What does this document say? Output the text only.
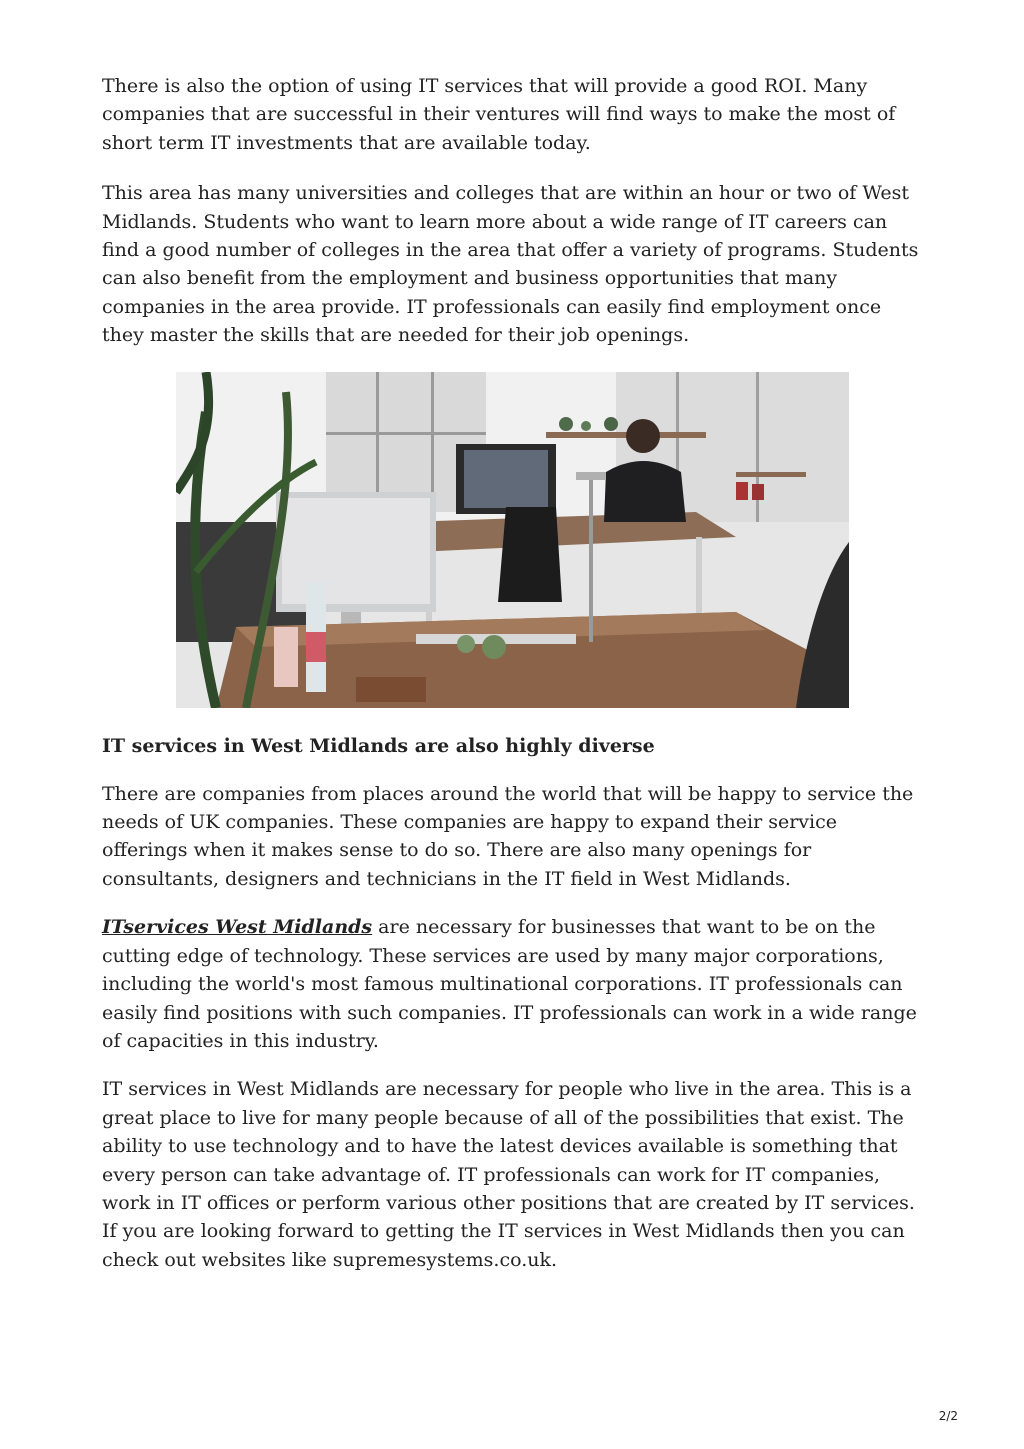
There is also the option of using IT services that will provide a good ROI. Many companies that are successful in their ventures will find ways to make the most of short term IT investments that are available today.

This area has many universities and colleges that are within an hour or two of West Midlands. Students who want to learn more about a wide range of IT careers can find a good number of colleges in the area that offer a variety of programs. Students can also benefit from the employment and business opportunities that many companies in the area provide. IT professionals can easily find employment once they master the skills that are needed for their job openings.

IT services in West Midlands are also highly diverse

There are companies from places around the world that will be happy to service the needs of UK companies. These companies are happy to expand their service offerings when it makes sense to do so. There are also many openings for consultants, designers and technicians in the IT field in West Midlands.

ITservices West Midlands are necessary for businesses that want to be on the cutting edge of technology. These services are used by many major corporations, including the world's most famous multinational corporations. IT professionals can easily find positions with such companies. IT professionals can work in a wide range of capacities in this industry.

IT services in West Midlands are necessary for people who live in the area. This is a great place to live for many people because of all of the possibilities that exist. The ability to use technology and to have the latest devices available is something that every person can take advantage of. IT professionals can work for IT companies, work in IT offices or perform various other positions that are created by IT services. If you are looking forward to getting the IT services in West Midlands then you can check out websites like supremesystems.co.uk.

2/2
